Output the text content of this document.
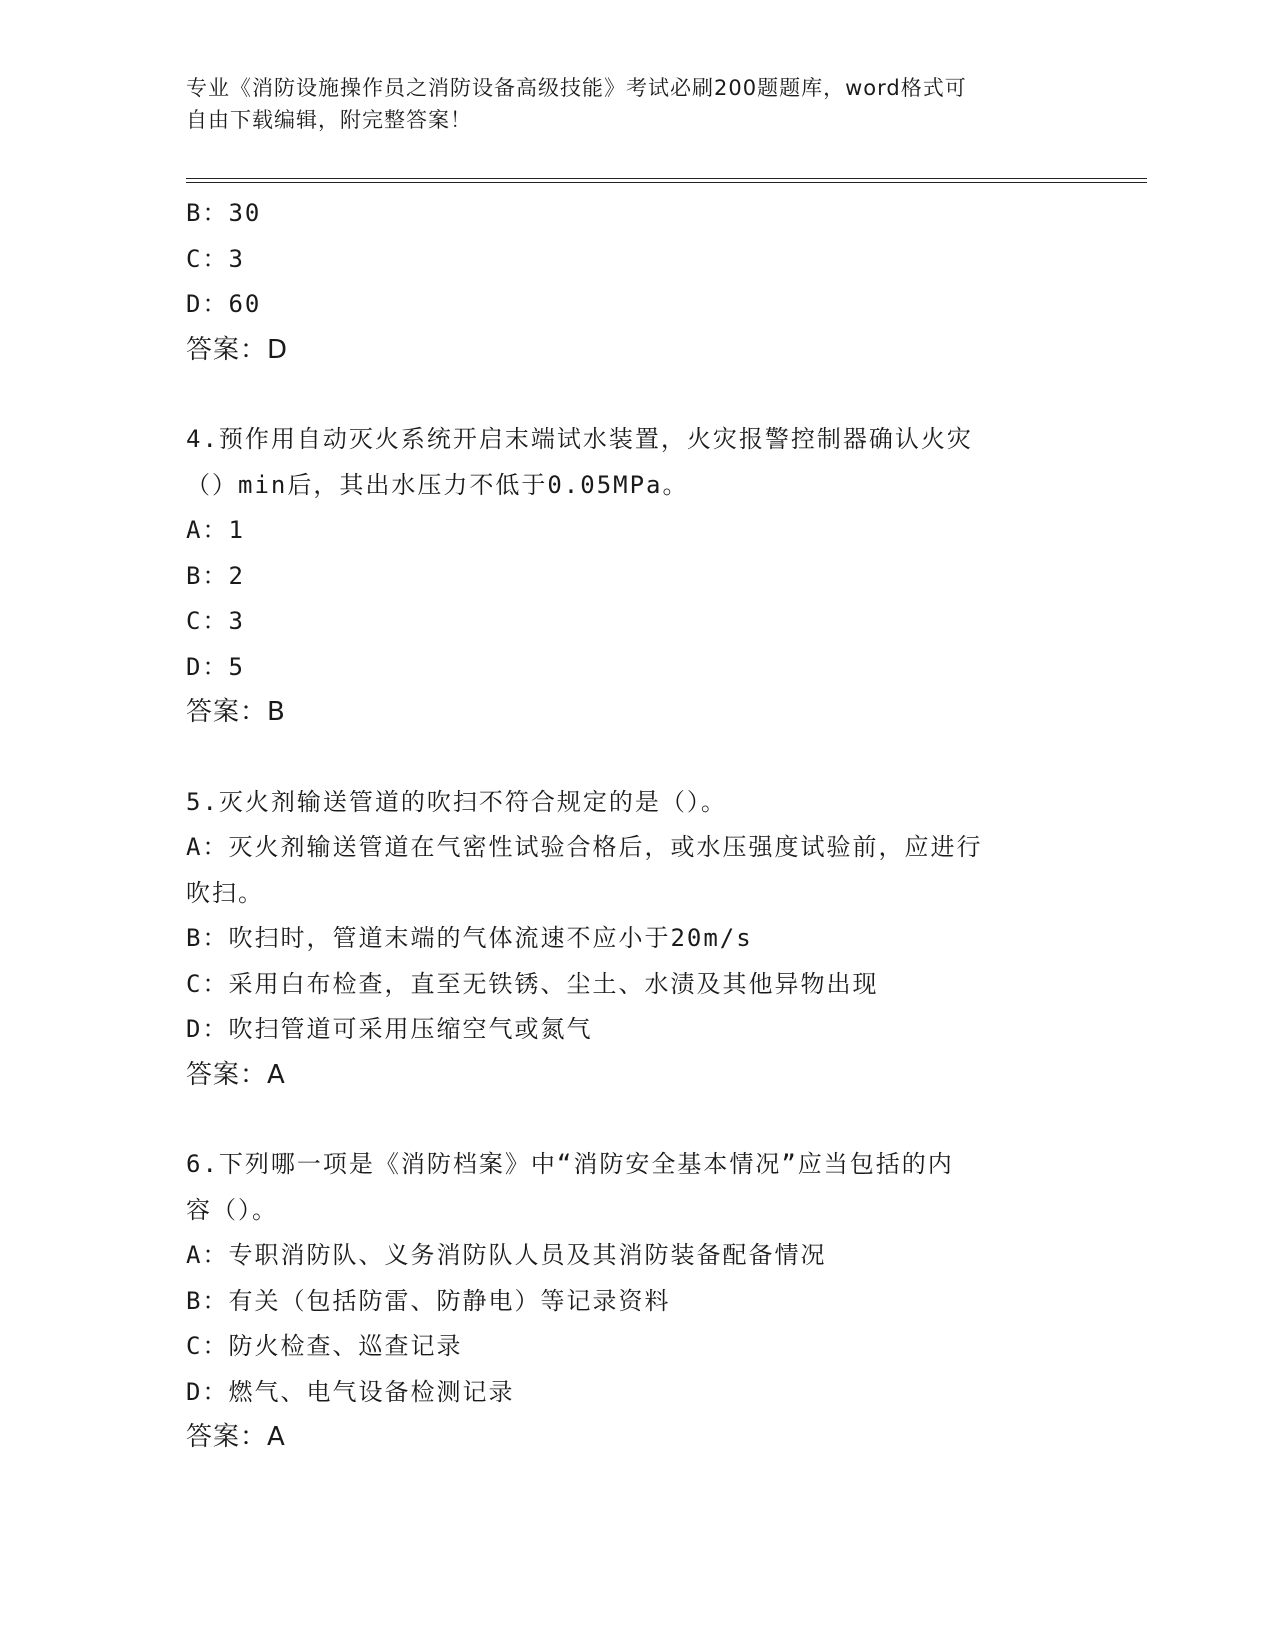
专业《消防设施操作员之消防设备高级技能》考试必刷200题题库，word格式可
自由下载编辑，附完整答案！
B：30
C：3
D：60
答案：D
4.预作用自动灭火系统开启末端试水装置，火灾报警控制器确认火灾
（）min后，其出水压力不低于0.05MPa。
A：1
B：2
C：3
D：5
答案：B
5.灭火剂输送管道的吹扫不符合规定的是（）。
A：灭火剂输送管道在气密性试验合格后，或水压强度试验前，应进行
吹扫。
B：吹扫时，管道末端的气体流速不应小于20m/s
C：采用白布检查，直至无铁锈、尘土、水渍及其他异物出现
D：吹扫管道可采用压缩空气或氮气
答案：A
6.下列哪一项是《消防档案》中“消防安全基本情况”应当包括的内
容（）。
A：专职消防队、义务消防队人员及其消防装备配备情况
B：有关（包括防雷、防静电）等记录资料
C：防火检查、巡查记录
D：燃气、电气设备检测记录
答案：A
